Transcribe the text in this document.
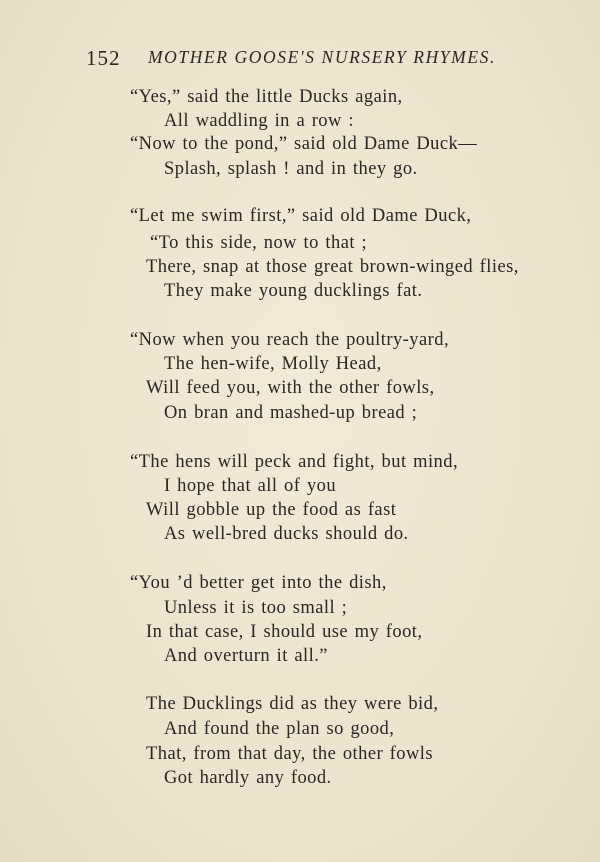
152 MOTHER GOOSE'S NURSERY RHYMES.
“Yes,” said the little Ducks again,
All waddling in a row :
“Now to the pond,” said old Dame Duck—
Splash, splash ! and in they go.
“Let me swim first,” said old Dame Duck,
“To this side, now to that ;
There, snap at those great brown-winged flies,
They make young ducklings fat.
“Now when you reach the poultry-yard,
The hen-wife, Molly Head,
Will feed you, with the other fowls,
On bran and mashed-up bread ;
“The hens will peck and fight, but mind,
I hope that all of you
Will gobble up the food as fast
As well-bred ducks should do.
“You ’d better get into the dish,
Unless it is too small ;
In that case, I should use my foot,
And overturn it all.”
The Ducklings did as they were bid,
And found the plan so good,
That, from that day, the other fowls
Got hardly any food.
